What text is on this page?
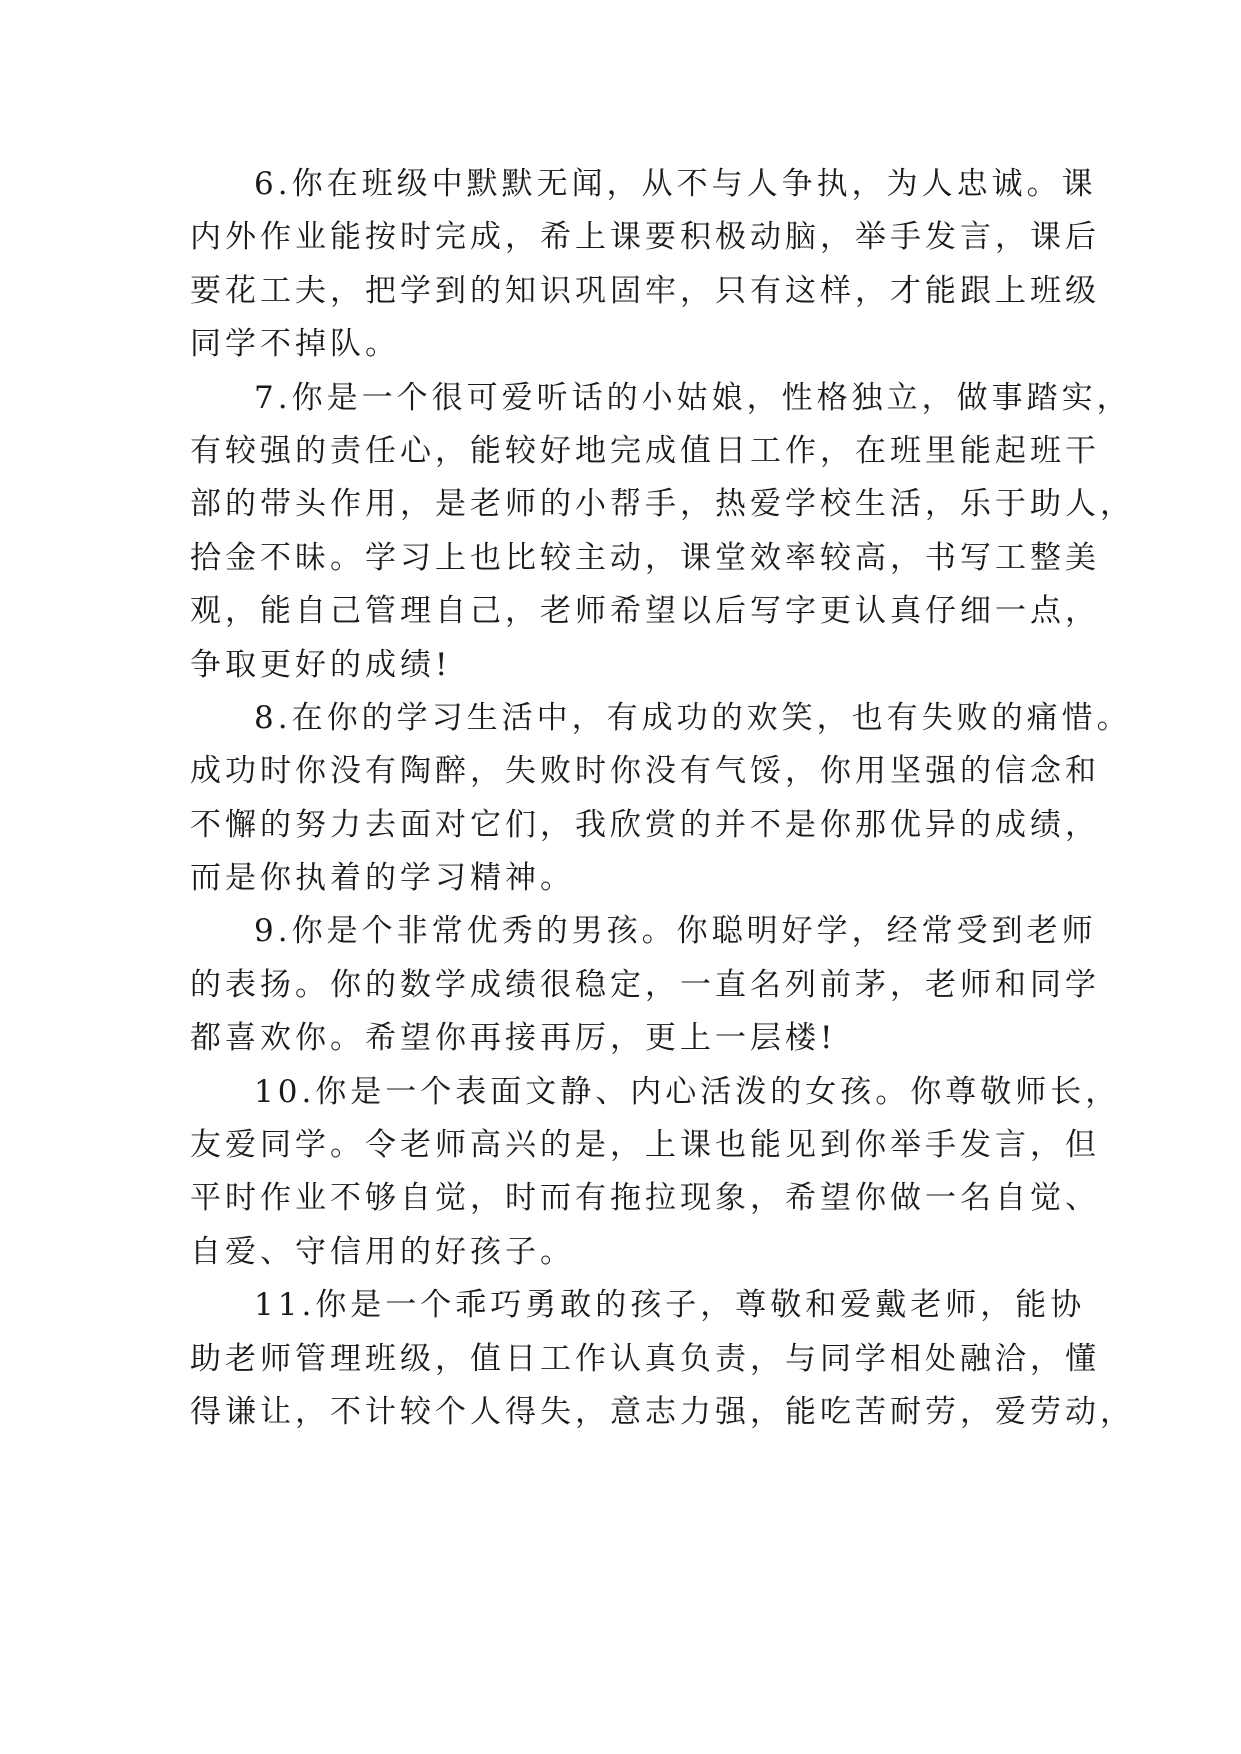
6.你在班级中默默无闻，从不与人争执，为人忠诚。课
内外作业能按时完成，希上课要积极动脑，举手发言，课后
要花工夫，把学到的知识巩固牢，只有这样，才能跟上班级
同学不掉队。

7.你是一个很可爱听话的小姑娘，性格独立，做事踏实，
有较强的责任心，能较好地完成值日工作，在班里能起班干
部的带头作用，是老师的小帮手，热爱学校生活，乐于助人，
拾金不昧。学习上也比较主动，课堂效率较高，书写工整美
观，能自己管理自己，老师希望以后写字更认真仔细一点，
争取更好的成绩!

8.在你的学习生活中，有成功的欢笑，也有失败的痛惜。
成功时你没有陶醉，失败时你没有气馁，你用坚强的信念和
不懈的努力去面对它们，我欣赏的并不是你那优异的成绩，
而是你执着的学习精神。

9.你是个非常优秀的男孩。你聪明好学，经常受到老师
的表扬。你的数学成绩很稳定，一直名列前茅，老师和同学
都喜欢你。希望你再接再厉，更上一层楼!

10.你是一个表面文静、内心活泼的女孩。你尊敬师长，
友爱同学。令老师高兴的是，上课也能见到你举手发言，但
平时作业不够自觉，时而有拖拉现象，希望你做一名自觉、
自爱、守信用的好孩子。

11.你是一个乖巧勇敢的孩子，尊敬和爱戴老师，能协
助老师管理班级，值日工作认真负责，与同学相处融洽，懂
得谦让，不计较个人得失，意志力强，能吃苦耐劳，爱劳动，
